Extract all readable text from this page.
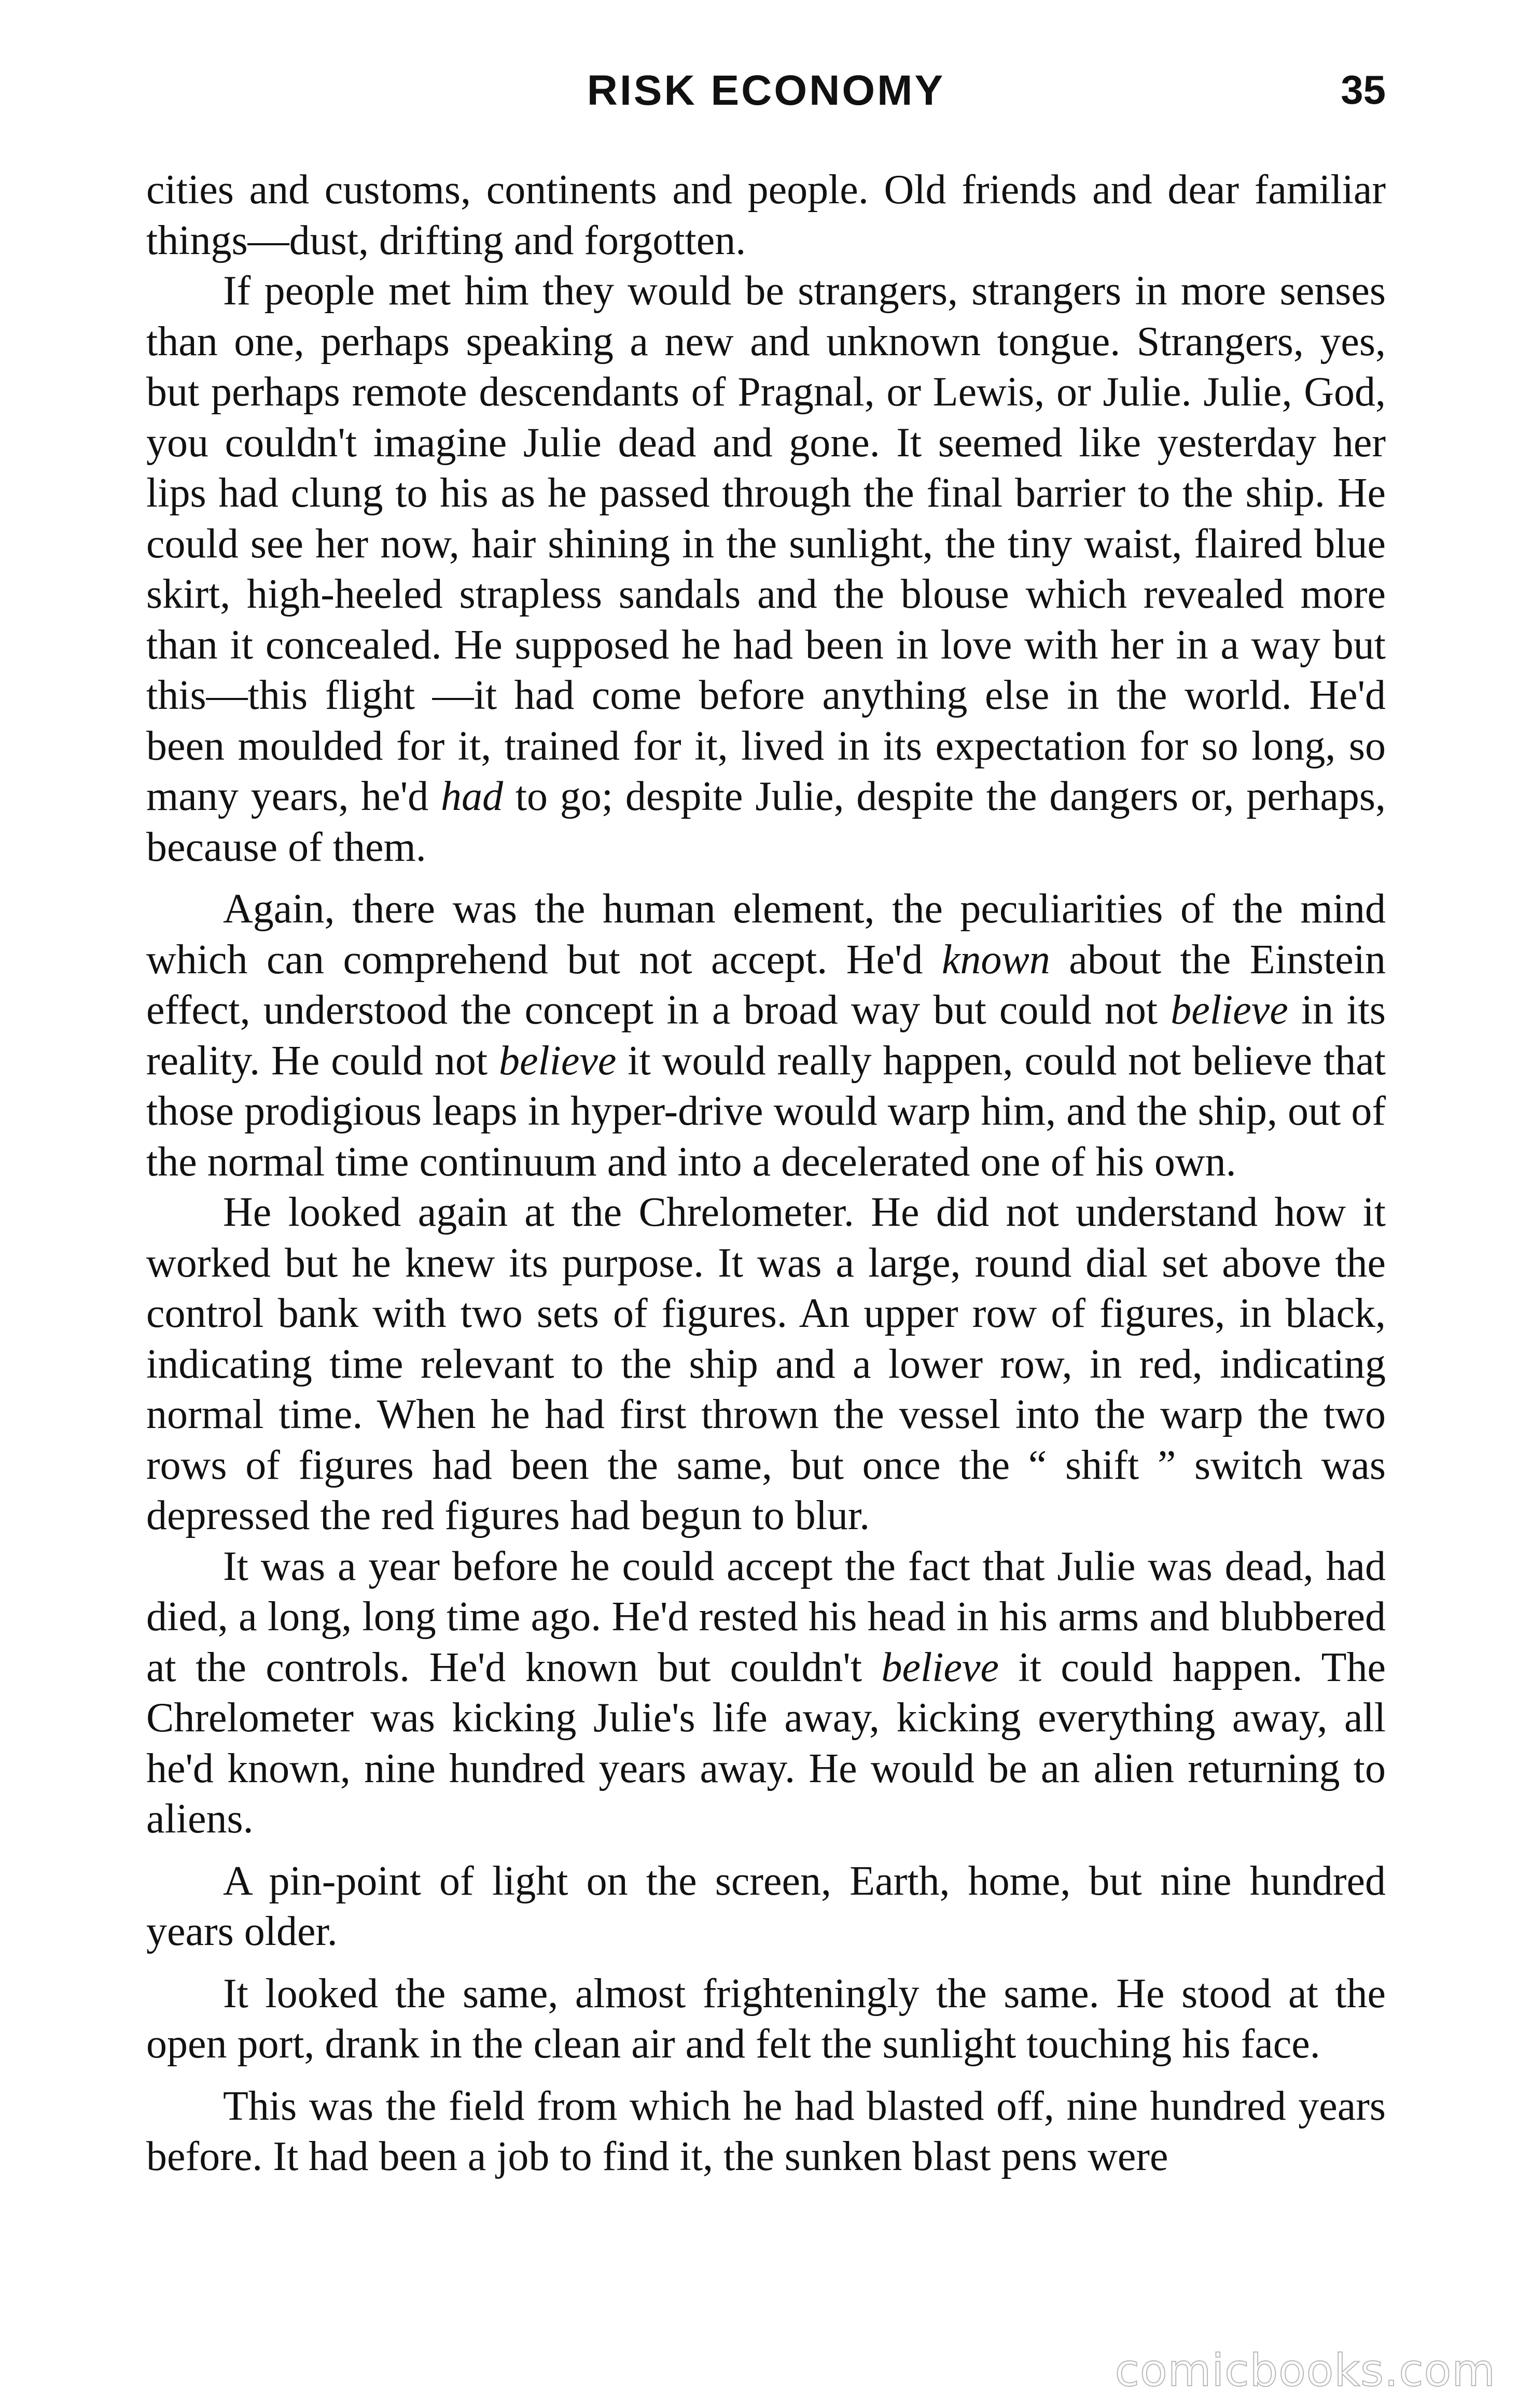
RISK ECONOMY	35

cities and customs, continents and people. Old friends and dear familiar things—dust, drifting and forgotten.

If people met him they would be strangers, strangers in more senses than one, perhaps speaking a new and unknown tongue. Strangers, yes, but perhaps remote descendants of Pragnal, or Lewis, or Julie. Julie, God, you couldn't imagine Julie dead and gone. It seemed like yesterday her lips had clung to his as he passed through the final barrier to the ship. He could see her now, hair shining in the sunlight, the tiny waist, flaired blue skirt, high-heeled strapless sandals and the blouse which revealed more than it concealed. He supposed he had been in love with her in a way but this—this flight —it had come before anything else in the world. He'd been moulded for it, trained for it, lived in its expectation for so long, so many years, he'd had to go; despite Julie, despite the dangers or, perhaps, because of them.

Again, there was the human element, the peculiarities of the mind which can comprehend but not accept. He'd known about the Einstein effect, understood the concept in a broad way but could not believe in its reality. He could not believe it would really happen, could not believe that those prodigious leaps in hyper-drive would warp him, and the ship, out of the normal time continuum and into a decelerated one of his own.

He looked again at the Chrelometer. He did not understand how it worked but he knew its purpose. It was a large, round dial set above the control bank with two sets of figures. An upper row of figures, in black, indicating time relevant to the ship and a lower row, in red, indicating normal time. When he had first thrown the vessel into the warp the two rows of figures had been the same, but once the “ shift ” switch was depressed the red figures had begun to blur.

It was a year before he could accept the fact that Julie was dead, had died, a long, long time ago. He'd rested his head in his arms and blubbered at the controls. He'd known but couldn't believe it could happen. The Chrelometer was kicking Julie's life away, kicking everything away, all he'd known, nine hundred years away. He would be an alien returning to aliens.

A pin-point of light on the screen, Earth, home, but nine hundred years older.

It looked the same, almost frighteningly the same. He stood at the open port, drank in the clean air and felt the sunlight touching his face.

This was the field from which he had blasted off, nine hundred years before. It had been a job to find it, the sunken blast pens were

comicbooks.com
